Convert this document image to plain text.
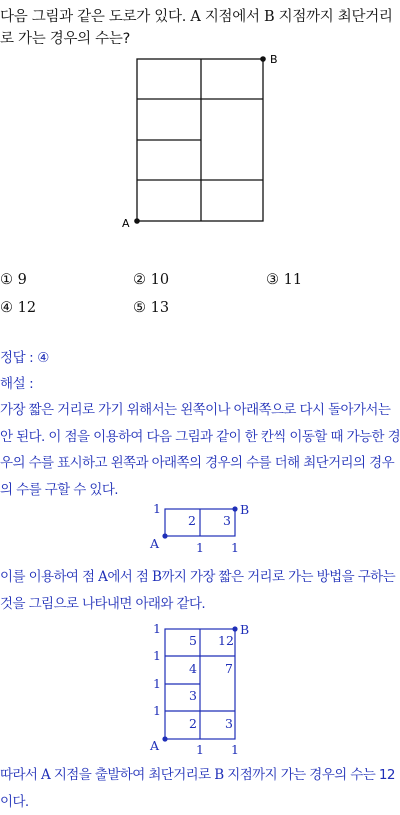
다음 그림과 같은 도로가 있다. A 지점에서 B 지점까지 최단거리로 가는 경우의 수는?
B
A
① 9	② 10	③ 11
④ 12	⑤ 13
정답 : ④
해설 :
가장 짧은 거리로 가기 위해서는 왼쪽이나 아래쪽으로 다시 돌아가서는 안 된다. 이 점을 이용하여 다음 그림과 같이 한 칸씩 이동할 때 가능한 경우의 수를 표시하고 왼쪽과 아래쪽의 경우의 수를 더해 최단거리의 경우의 수를 구할 수 있다.
1
2 3
1 1
A
B
이를 이용하여 점 A에서 점 B까지 가장 짧은 거리로 가는 방법을 구하는 것을 그림으로 나타내면 아래와 같다.
1
1
1
1
5 12
4 7
3
2 3
1 1
A
B
따라서 A 지점을 출발하여 최단거리로 B 지점까지 가는 경우의 수는 12이다.
